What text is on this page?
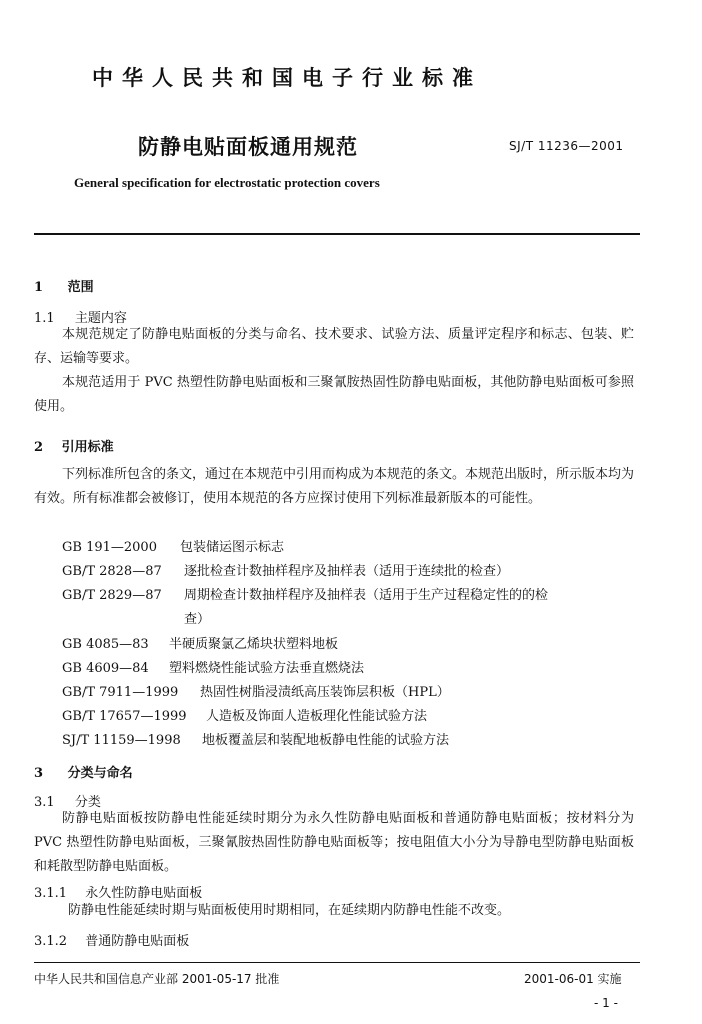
中华人民共和国电子行业标准
防静电贴面板通用规范	SJ/T 11236—2001
General specification for electrostatic protection covers
1 范围
1.1 主题内容
本规范规定了防静电贴面板的分类与命名、技术要求、试验方法、质量评定程序和标志、包装、贮存、运输等要求。
本规范适用于 PVC 热塑性防静电贴面板和三聚氰胺热固性防静电贴面板，其他防静电贴面板可参照使用。
2 引用标准
下列标准所包含的条文，通过在本规范中引用而构成为本规范的条文。本规范出版时，所示版本均为有效。所有标准都会被修订，使用本规范的各方应探讨使用下列标准最新版本的可能性。
GB 191—2000 包装储运图示标志
GB/T 2828—87 逐批检查计数抽样程序及抽样表（适用于连续批的检查）
GB/T 2829—87 周期检查计数抽样程序及抽样表（适用于生产过程稳定性的的检
查）
GB 4085—83 半硬质聚氯乙烯块状塑料地板
GB 4609—84 塑料燃烧性能试验方法垂直燃烧法
GB/T 7911—1999 热固性树脂浸渍纸高压装饰层积板（HPL）
GB/T 17657—1999 人造板及饰面人造板理化性能试验方法
SJ/T 11159—1998 地板覆盖层和装配地板静电性能的试验方法
3 分类与命名
3.1 分类
防静电贴面板按防静电性能延续时期分为永久性防静电贴面板和普通防静电贴面板；按材料分为 PVC 热塑性防静电贴面板，三聚氰胺热固性防静电贴面板等；按电阻值大小分为导静电型防静电贴面板和耗散型防静电贴面板。
3.1.1 永久性防静电贴面板
防静电性能延续时期与贴面板使用时期相同，在延续期内防静电性能不改变。
3.1.2 普通防静电贴面板
中华人民共和国信息产业部 2001-05-17 批准	2001-06-01 实施
- 1 -
